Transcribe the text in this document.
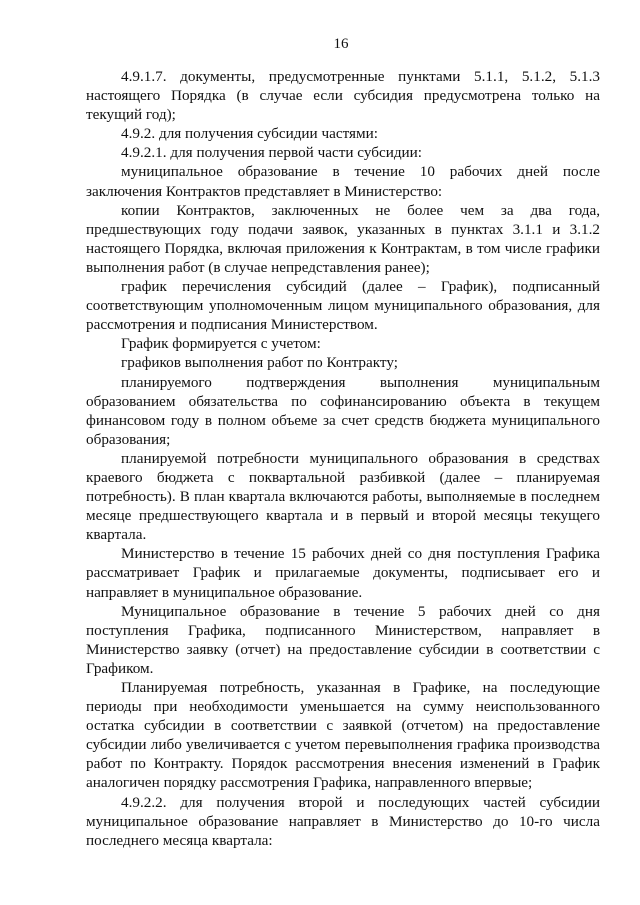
16

4.9.1.7. документы, предусмотренные пунктами 5.1.1, 5.1.2, 5.1.3 настоящего Порядка (в случае если субсидия предусмотрена только на текущий год);

4.9.2. для получения субсидии частями:

4.9.2.1. для получения первой части субсидии:

муниципальное образование в течение 10 рабочих дней после заключения Контрактов представляет в Министерство:

копии Контрактов, заключенных не более чем за два года, предшествующих году подачи заявок, указанных в пунктах 3.1.1 и 3.1.2 настоящего Порядка, включая приложения к Контрактам, в том числе графики выполнения работ (в случае непредставления ранее);

график перечисления субсидий (далее – График), подписанный соответствующим уполномоченным лицом муниципального образования, для рассмотрения и подписания Министерством.

График формируется с учетом:

графиков выполнения работ по Контракту;

планируемого подтверждения выполнения муниципальным образованием обязательства по софинансированию объекта в текущем финансовом году в полном объеме за счет средств бюджета муниципального образования;

планируемой потребности муниципального образования в средствах краевого бюджета с поквартальной разбивкой (далее – планируемая потребность). В план квартала включаются работы, выполняемые в последнем месяце предшествующего квартала и в первый и второй месяцы текущего квартала.

Министерство в течение 15 рабочих дней со дня поступления Графика рассматривает График и прилагаемые документы, подписывает его и направляет в муниципальное образование.

Муниципальное образование в течение 5 рабочих дней со дня поступления Графика, подписанного Министерством, направляет в Министерство заявку (отчет) на предоставление субсидии в соответствии с Графиком.

Планируемая потребность, указанная в Графике, на последующие периоды при необходимости уменьшается на сумму неиспользованного остатка субсидии в соответствии с заявкой (отчетом) на предоставление субсидии либо увеличивается с учетом перевыполнения графика производства работ по Контракту. Порядок рассмотрения внесения изменений в График аналогичен порядку рассмотрения Графика, направленного впервые;

4.9.2.2. для получения второй и последующих частей субсидии муниципальное образование направляет в Министерство до 10-го числа последнего месяца квартала:
